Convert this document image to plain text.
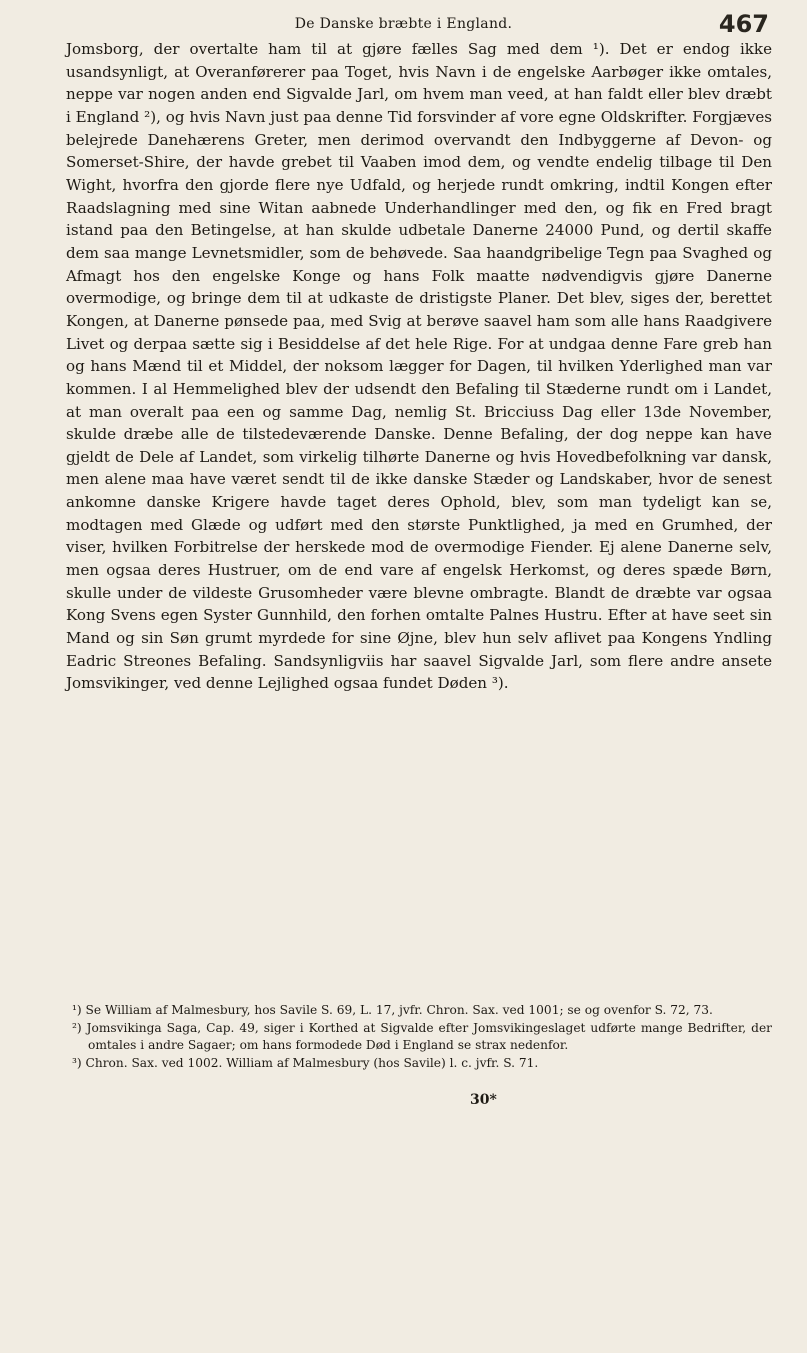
De Danske bræbte i England.	467

Jomsborg, der overtalte ham til at gjøre fælles Sag med dem ¹). Det er endog ikke usandsynligt, at Overanførerer paa Toget, hvis Navn i de engelske Aarbøger ikke omtales, neppe var nogen anden end Sigvalde Jarl, om hvem man veed, at han faldt eller blev dræbt i England ²), og hvis Navn just paa denne Tid forsvinder af vore egne Oldskrifter. Forgjæves belejrede Danehærens Greter, men derimod overvandt den Indbyggerne af Devon- og Somerset-Shire, der havde grebet til Vaaben imod dem, og vendte endelig tilbage til Den Wight, hvorfra den gjorde flere nye Udfald, og herjede rundt omkring, indtil Kongen efter Raadslagning med sine Witan aabnede Underhandlinger med den, og fik en Fred bragt istand paa den Betingelse, at han skulde udbetale Danerne 24000 Pund, og dertil skaffe dem saa mange Levnetsmidler, som de behøvede. Saa haandgribelige Tegn paa Svaghed og Afmagt hos den engelske Konge og hans Folk maatte nødvendigvis gjøre Danerne overmodige, og bringe dem til at udkaste de dristigste Planer. Det blev, siges der, berettet Kongen, at Danerne pønsede paa, med Svig at berøve saavel ham som alle hans Raadgivere Livet og derpaa sætte sig i Besiddelse af det hele Rige. For at undgaa denne Fare greb han og hans Mænd til et Middel, der noksom lægger for Dagen, til hvilken Yderlighed man var kommen. I al Hemmelighed blev der udsendt den Befaling til Stæderne rundt om i Landet, at man overalt paa een og samme Dag, nemlig St. Bricciuss Dag eller 13de November, skulde dræbe alle de tilstedeværende Danske. Denne Befaling, der dog neppe kan have gjeldt de Dele af Landet, som virkelig tilhørte Danerne og hvis Hovedbefolkning var dansk, men alene maa have været sendt til de ikke danske Stæder og Landskaber, hvor de senest ankomne danske Krigere havde taget deres Ophold, blev, som man tydeligt kan se, modtagen med Glæde og udført med den største Punktlighed, ja med en Grumhed, der viser, hvilken Forbitrelse der herskede mod de overmodige Fiender. Ej alene Danerne selv, men ogsaa deres Hustruer, om de end vare af engelsk Herkomst, og deres spæde Børn, skulle under de vildeste Grusomheder være blevne ombragte. Blandt de dræbte var ogsaa Kong Svens egen Syster Gunnhild, den forhen omtalte Palnes Hustru. Efter at have seet sin Mand og sin Søn grumt myrdede for sine Øjne, blev hun selv aflivet paa Kongens Yndling Eadric Streones Befaling. Sandsynligviis har saavel Sigvalde Jarl, som flere andre ansete Jomsvikinger, ved denne Lejlighed ogsaa fundet Døden ³).

¹) Se William af Malmesbury, hos Savile S. 69, L. 17, jvfr. Chron. Sax. ved 1001; se og ovenfor S. 72, 73.

²) Jomsvikinga Saga, Cap. 49, siger i Korthed at Sigvalde efter Jomsvikingeslaget udførte mange Bedrifter, der omtales i andre Sagaer; om hans formodede Død i England se strax nedenfor.

³) Chron. Sax. ved 1002. William af Malmesbury (hos Savile) l. c. jvfr. S. 71.

30*
